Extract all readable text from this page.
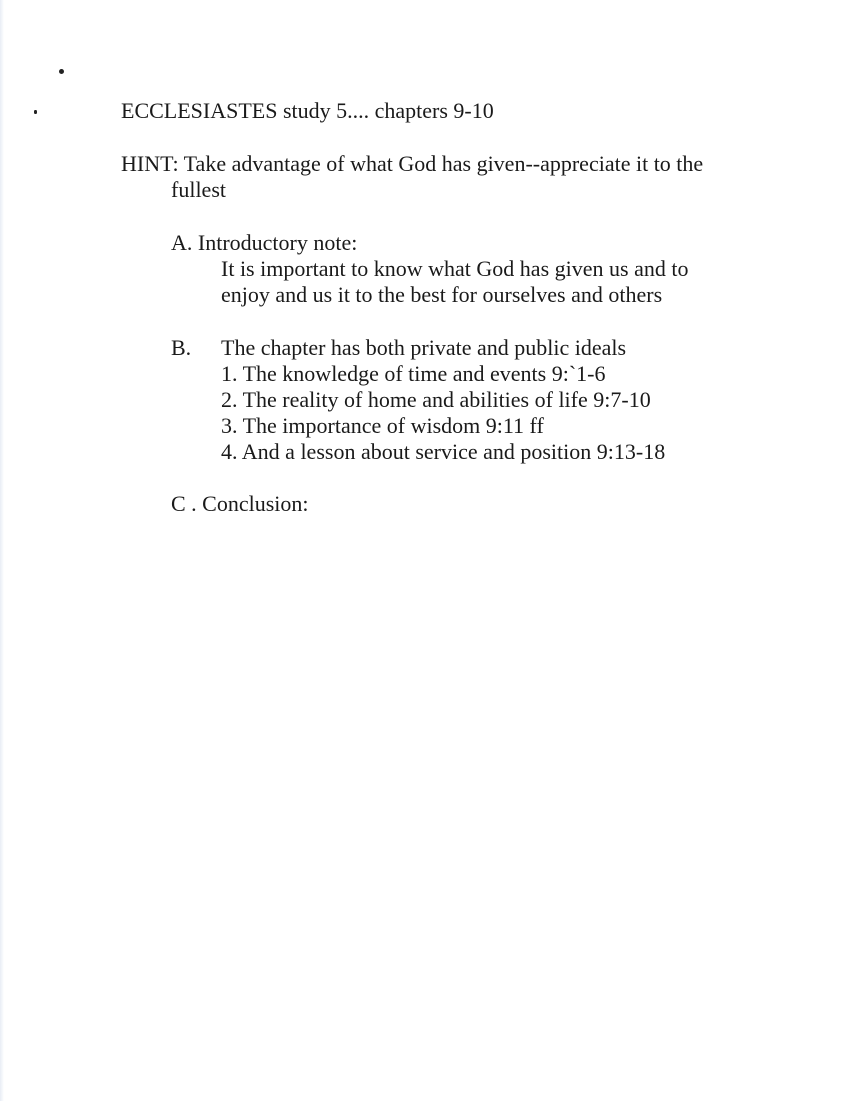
ECCLESIASTES study 5.... chapters 9-10
HINT: Take advantage of what God has given--appreciate it to the
fullest
A. Introductory note:
It is important to know what God has given us and to
enjoy and us it to the best for ourselves and others
B. The chapter has both private and public ideals
1. The knowledge of time and events 9:`1-6
2. The reality of home and abilities of life 9:7-10
3. The importance of wisdom 9:11 ff
4. And a lesson about service and position 9:13-18
C . Conclusion:
